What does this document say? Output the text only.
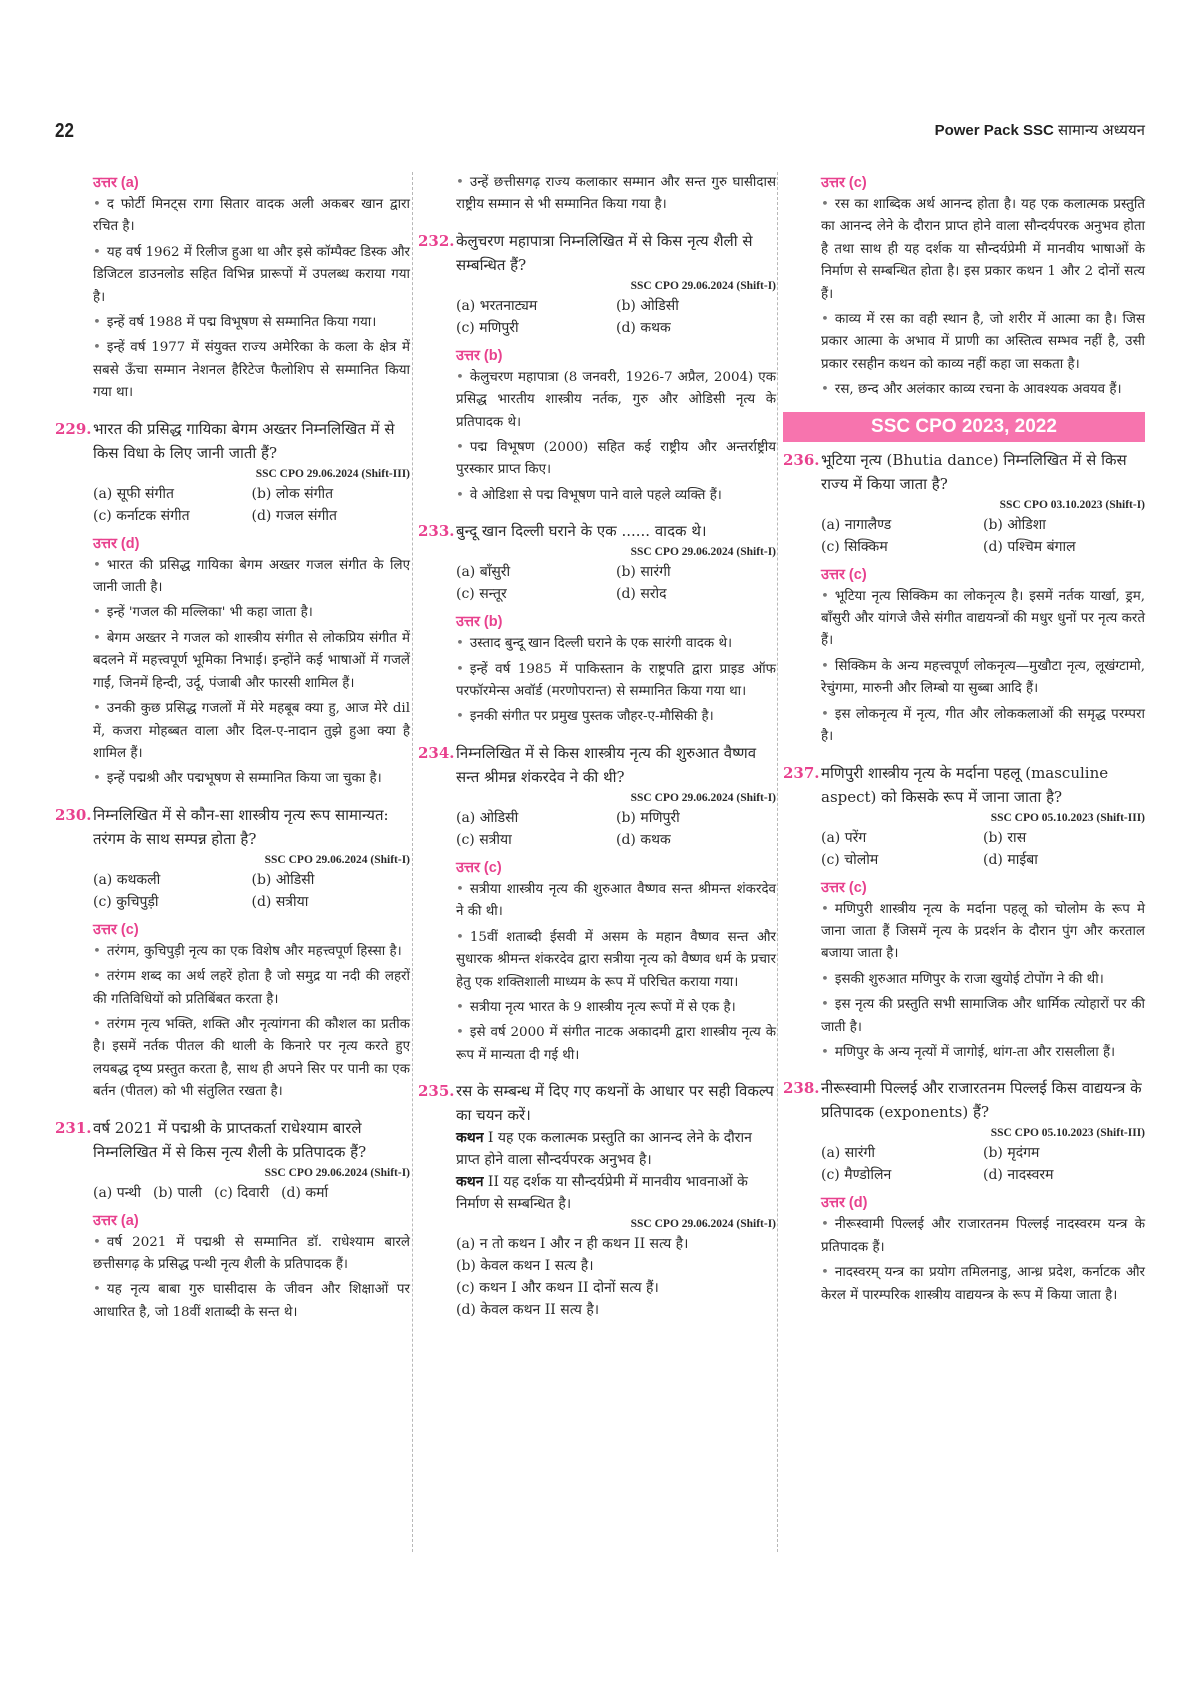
22	Power Pack SSC सामान्य अध्ययन
उत्तर (a)
• द फोर्टी मिनट्स रागा सितार वादक अली अकबर खान द्वारा रचित है।
• यह वर्ष 1962 में रिलीज हुआ था और इसे कॉम्पैक्ट डिस्क और डिजिटल डाउनलोड सहित विभिन्न प्रारूपों में उपलब्ध कराया गया है।
• इन्हें वर्ष 1988 में पद्म विभूषण से सम्मानित किया गया।
• इन्हें वर्ष 1977 में संयुक्त राज्य अमेरिका के कला के क्षेत्र में सबसे ऊँचा सम्मान नेशनल हैरिटेज फैलोशिप से सम्मानित किया गया था।
229. भारत की प्रसिद्ध गायिका बेगम अख्तर निम्नलिखित में से किस विधा के लिए जानी जाती हैं?
SSC CPO 29.06.2024 (Shift-III)
(a) सूफी संगीत	(b) लोक संगीत
(c) कर्नाटक संगीत	(d) गजल संगीत
उत्तर (d)
• भारत की प्रसिद्ध गायिका बेगम अख्तर गजल संगीत के लिए जानी जाती है।
• इन्हें 'गजल की मल्लिका' भी कहा जाता है।
• बेगम अख्तर ने गजल को शास्त्रीय संगीत से लोकप्रिय संगीत में बदलने में महत्त्वपूर्ण भूमिका निभाई। इन्होंने कई भाषाओं में गजलें गाईं, जिनमें हिन्दी, उर्दू, पंजाबी और फारसी शामिल हैं।
• उनकी कुछ प्रसिद्ध गजलों में मेरे महबूब क्या हु, आज मेरे dil में, कजरा मोहब्बत वाला और दिल-ए-नादान तुझे हुआ क्या है शामिल हैं।
• इन्हें पद्मश्री और पद्मभूषण से सम्मानित किया जा चुका है।
230. निम्नलिखित में से कौन-सा शास्त्रीय नृत्य रूप सामान्यत: तरंगम के साथ सम्पन्न होता है?
SSC CPO 29.06.2024 (Shift-I)
(a) कथकली	(b) ओडिसी
(c) कुचिपुड़ी	(d) सत्रीया
उत्तर (c)
• तरंगम, कुचिपुड़ी नृत्य का एक विशेष और महत्त्वपूर्ण हिस्सा है।
• तरंगम शब्द का अर्थ लहरें होता है जो समुद्र या नदी की लहरों की गतिविधियों को प्रतिबिंबत करता है।
• तरंगम नृत्य भक्ति, शक्ति और नृत्यांगना की कौशल का प्रतीक है। इसमें नर्तक पीतल की थाली के किनारे पर नृत्य करते हुए लयबद्ध दृष्य प्रस्तुत करता है, साथ ही अपने सिर पर पानी का एक बर्तन (पीतल) को भी संतुलित रखता है।
231. वर्ष 2021 में पद्मश्री के प्राप्तकर्ता राधेश्याम बारले निम्नलिखित में से किस नृत्य शैली के प्रतिपादक हैं?
SSC CPO 29.06.2024 (Shift-I)
(a) पन्थी (b) पाली (c) दिवारी (d) कर्मा
उत्तर (a)
• वर्ष 2021 में पद्मश्री से सम्मानित डॉ. राधेश्याम बारले छत्तीसगढ़ के प्रसिद्ध पन्थी नृत्य शैली के प्रतिपादक हैं।
• यह नृत्य बाबा गुरु घासीदास के जीवन और शिक्षाओं पर आधारित है, जो 18वीं शताब्दी के सन्त थे।
• उन्हें छत्तीसगढ़ राज्य कलाकार सम्मान और सन्त गुरु घासीदास राष्ट्रीय सम्मान से भी सम्मानित किया गया है।
232. केलुचरण महापात्रा निम्नलिखित में से किस नृत्य शैली से सम्बन्धित हैं?
SSC CPO 29.06.2024 (Shift-I)
(a) भरतनाट्यम	(b) ओडिसी
(c) मणिपुरी	(d) कथक
उत्तर (b)
• केलुचरण महापात्रा (8 जनवरी, 1926-7 अप्रैल, 2004) एक प्रसिद्ध भारतीय शास्त्रीय नर्तक, गुरु और ओडिसी नृत्य के प्रतिपादक थे।
• पद्म विभूषण (2000) सहित कई राष्ट्रीय और अन्तर्राष्ट्रीय पुरस्कार प्राप्त किए।
• वे ओडिशा से पद्म विभूषण पाने वाले पहले व्यक्ति हैं।
233. बुन्दू खान दिल्ली घराने के एक ...... वादक थे।
SSC CPO 29.06.2024 (Shift-I)
(a) बाँसुरी	(b) सारंगी
(c) सन्तूर	(d) सरोद
उत्तर (b)
• उस्ताद बुन्दू खान दिल्ली घराने के एक सारंगी वादक थे।
• इन्हें वर्ष 1985 में पाकिस्तान के राष्ट्रपति द्वारा प्राइड ऑफ परफॉरमेन्स अवॉर्ड (मरणोपरान्त) से सम्मानित किया गया था।
• इनकी संगीत पर प्रमुख पुस्तक जौहर-ए-मौसिकी है।
234. निम्नलिखित में से किस शास्त्रीय नृत्य की शुरुआत वैष्णव सन्त श्रीमन्न शंकरदेव ने की थी?
SSC CPO 29.06.2024 (Shift-I)
(a) ओडिसी	(b) मणिपुरी
(c) सत्रीया	(d) कथक
उत्तर (c)
• सत्रीया शास्त्रीय नृत्य की शुरुआत वैष्णव सन्त श्रीमन्त शंकरदेव ने की थी।
• 15वीं शताब्दी ईसवी में असम के महान वैष्णव सन्त और सुधारक श्रीमन्त शंकरदेव द्वारा सत्रीया नृत्य को वैष्णव धर्म के प्रचार हेतु एक शक्तिशाली माध्यम के रूप में परिचित कराया गया।
• सत्रीया नृत्य भारत के 9 शास्त्रीय नृत्य रूपों में से एक है।
• इसे वर्ष 2000 में संगीत नाटक अकादमी द्वारा शास्त्रीय नृत्य के रूप में मान्यता दी गई थी।
235. रस के सम्बन्ध में दिए गए कथनों के आधार पर सही विकल्प का चयन करें।
कथन I यह एक कलात्मक प्रस्तुति का आनन्द लेने के दौरान प्राप्त होने वाला सौन्दर्यपरक अनुभव है।
कथन II यह दर्शक या सौन्दर्यप्रेमी में मानवीय भावनाओं के निर्माण से सम्बन्धित है।
SSC CPO 29.06.2024 (Shift-I)
(a) न तो कथन I और न ही कथन II सत्य है।
(b) केवल कथन I सत्य है।
(c) कथन I और कथन II दोनों सत्य हैं।
(d) केवल कथन II सत्य है।
उत्तर (c)
• रस का शाब्दिक अर्थ आनन्द होता है। यह एक कलात्मक प्रस्तुति का आनन्द लेने के दौरान प्राप्त होने वाला सौन्दर्यपरक अनुभव होता है तथा साथ ही यह दर्शक या सौन्दर्यप्रेमी में मानवीय भाषाओं के निर्माण से सम्बन्धित होता है। इस प्रकार कथन 1 और 2 दोनों सत्य हैं।
• काव्य में रस का वही स्थान है, जो शरीर में आत्मा का है। जिस प्रकार आत्मा के अभाव में प्राणी का अस्तित्व सम्भव नहीं है, उसी प्रकार रसहीन कथन को काव्य नहीं कहा जा सकता है।
• रस, छन्द और अलंकार काव्य रचना के आवश्यक अवयव हैं।
SSC CPO 2023, 2022
236. भूटिया नृत्य (Bhutia dance) निम्नलिखित में से किस राज्य में किया जाता है?
SSC CPO 03.10.2023 (Shift-I)
(a) नागालैण्ड	(b) ओडिशा
(c) सिक्किम	(d) पश्चिम बंगाल
उत्तर (c)
• भूटिया नृत्य सिक्किम का लोकनृत्य है। इसमें नर्तक यार्खा, ड्रम, बाँसुरी और यांगजे जैसे संगीत वाद्ययन्त्रों की मधुर धुनों पर नृत्य करते हैं।
• सिक्किम के अन्य महत्त्वपूर्ण लोकनृत्य—मुखौटा नृत्य, लूखंग्टामो, रेचुंगमा, मारुनी और लिम्बो या सुब्बा आदि हैं।
• इस लोकनृत्य में नृत्य, गीत और लोककलाओं की समृद्ध परम्परा है।
237. मणिपुरी शास्त्रीय नृत्य के मर्दाना पहलू (masculine aspect) को किसके रूप में जाना जाता है?
SSC CPO 05.10.2023 (Shift-III)
(a) परेंग	(b) रास
(c) चोलोम	(d) माईबा
उत्तर (c)
• मणिपुरी शास्त्रीय नृत्य के मर्दाना पहलू को चोलोम के रूप मे जाना जाता हैं जिसमें नृत्य के प्रदर्शन के दौरान पुंग और करताल बजाया जाता है।
• इसकी शुरुआत मणिपुर के राजा खुयोई टोपोंग ने की थी।
• इस नृत्य की प्रस्तुति सभी सामाजिक और धार्मिक त्योहारों पर की जाती है।
• मणिपुर के अन्य नृत्यों में जागोई, थांग-ता और रासलीला हैं।
238. नीरूस्वामी पिल्लई और राजारतनम पिल्लई किस वाद्ययन्त्र के प्रतिपादक (exponents) हैं?
SSC CPO 05.10.2023 (Shift-III)
(a) सारंगी	(b) मृदंगम
(c) मैण्डोलिन	(d) नादस्वरम
उत्तर (d)
• नीरूस्वामी पिल्लई और राजारतनम पिल्लई नादस्वरम यन्त्र के प्रतिपादक हैं।
• नादस्वरम् यन्त्र का प्रयोग तमिलनाडु, आन्ध्र प्रदेश, कर्नाटक और केरल में पारम्परिक शास्त्रीय वाद्ययन्त्र के रूप में किया जाता है।
